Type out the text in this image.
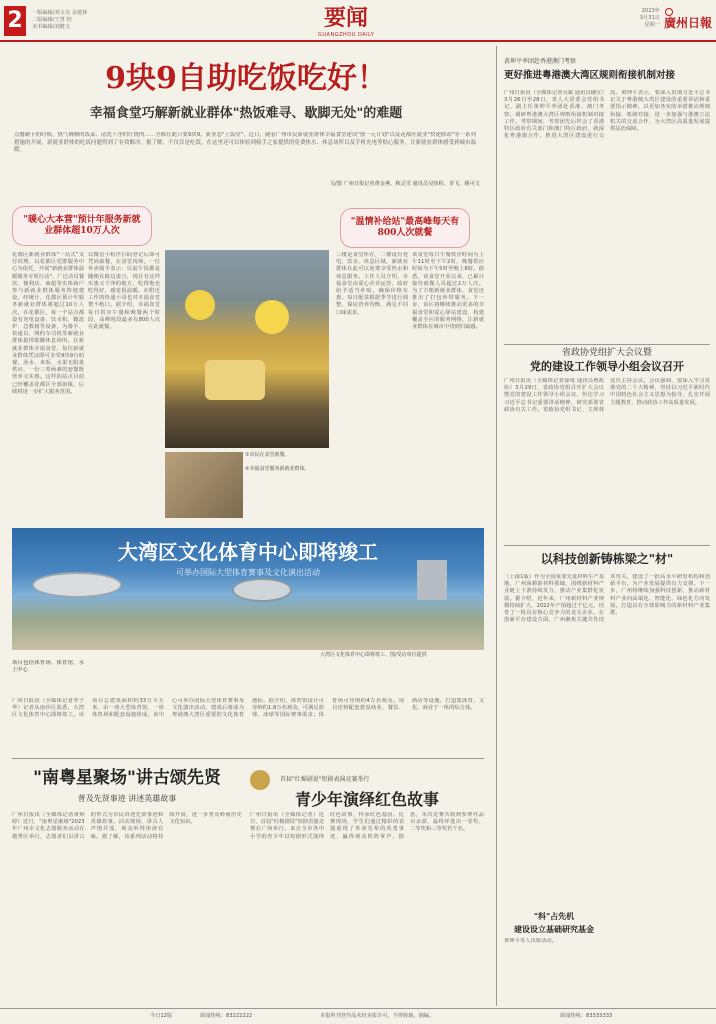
2	一版编辑/刘文亮 余建林
二版编辑/王慧 校
美术编辑/刘健文	要闻
GUANGZHOU DAILY
2023年
3月31日
星期一 廣州日報
9块9自助吃饭吃好！
幸福食堂巧解新就业群体"热饭难寻、歇脚无处"的难题
点餐刷卡的时候，热气腾腾的饭菜、清洗干净的红烧肉……全都在此只要9块9。新业态"上饭堂"，近日，随着广州市民新就业群体幸福食堂建设"按一元计划"以及花都区就业"快递驿站"等一系列措施的开展，新就业群体的吃饭问题得到了有效解决。据了解，不仅仅是吃饭，在这里还可以体验到骑手之家提供的免费热水、休息场所以及手机充电等贴心服务，让新就业群体感受到城市温暖。
文/图 广州日报记者黄金燕、秋灵雪 通讯员吴炜程、李飞、姚可文
"暖心大本营"预计年服务新就业群体超10万人次
"温情补给站"最高峰每天有800人次就餐
①市民在食堂就餐。
②幸福食堂服务新就业群体。
花都区新就业群体"一站式"支付同理，以花都区党群服务中心为依托，开展"新就业群体温暖服务专项行动"，广泛动员餐饮、便利店、商超等实体商户参与新就业群体服务阵地建设。经统计，花都区预计年服务新就业群体将超过10万人次。在花都区，每一个站点都设有充电设备、饮水机、微波炉、急救箱等设备，为骑手、快递员、网约车司机等新就业群体提供歇脚休息场所。在新就业群体幸福食堂，每位新就业群体凭证即可享受9块9自助餐，汤水、米饭、水果无限量供应，一份三荤两素的套餐既营养又实惠。这样的站点目前已经覆盖花都区全部街镇，后续将进一步扩大服务范围。
以微信小程序扫码登记后即可凭码取餐，在食堂现场，一位外卖骑手表示：以前午饭都是随便在路边凑合，现在有这样实惠又干净的地方，吃得饱也吃得好，感觉很温暖。在附近工作的快递小哥也对幸福食堂赞不绝口。据介绍，幸福食堂每日供应午餐和晚餐两个时段，高峰时段最多有800人次在此就餐。
三楼是食堂所在，二楼设有充电、饮水、休息区域，新就业群体在此可以免费享受热水和休息服务。工作人员介绍，幸福食堂由爱心企业运营，政府给予适当补贴，确保价格实惠。每日配菜根据季节进行调整，保证营养均衡，满足不同口味需求。
该食堂每日午餐供应时间为上午11时至下午2时，晚餐供应时间为下午5时至晚上8时。据悉，该食堂开业以来，已累计接待就餐人员超过2万人次。为了方便新就业群体，食堂还推出了打包外带服务。下一步，该区将继续推动更多的幸福食堂和爱心驿站建设，构建覆盖全区的服务网络，让新就业群体在城市中找到归属感。
大湾区文化体育中心即将竣工
可举办国际大型体育赛事及文化演出活动
大湾区文化体育中心即将竣工。图/受访单位提供
项目包括体育场、体育馆、水上中心
广州日报讯（全媒体记者李子华）记者从南沙区获悉，大湾区文化体育中心即将竣工。该项目总建筑面积约33万平方米，由一座大型体育馆、一座体育场和配套设施组成。该中心可举办国际大型体育赛事及文化演出活动，建成后将成为粤港澳大湾区重要的文化体育地标。据介绍，体育馆设计可容纳约1.8万名观众，可满足篮球、冰球等国际赛事需求；体育场可容纳约4万名观众。项目还将配套建设商业、餐饮、酒店等设施，打造集体育、文化、商业于一体的综合体。
"南粤星聚场"讲古颂先贤
普及先贤事迹 讲述英雄故事
首届"红棉剧说"短剧表演竞赛举行
青少年演绎红色故事
广州日报讯（全媒体记者黄婷婷）近日，"南粤星聚场"2023年广州市文化志愿服务活动在越秀区举行，志愿者们以讲古的形式为市民讲述先贤事迹和英雄故事。活动现场，讲古人声情并茂，观众听得津津有味。据了解，该系列活动将持续开展，进一步普及岭南历史文化知识。
广州日报讯（全媒体记者）近日，首届"红棉剧说"短剧表演竞赛在广州举行。来自全市各中小学的青少年以短剧形式演绎红色故事，传承红色基因。比赛现场，学生们通过精彩的表演重现了革命先辈的英勇事迹，赢得观众阵阵掌声。据悉，本次竞赛共收到参赛作品百余部，最终评选出一等奖、二等奖和三等奖若干名。
黄坤平率团赴香港澳门考察
更好推进粤港澳大湾区规则衔接机制对接
广州日报讯（全媒体记者吴斌 通讯员穗宣）3月26日至28日，省人大常委会党组书记、副主任黄坤平率团赴香港、澳门考察，调研粤港澳大湾区规则衔接机制对接工作。考察期间，考察团先后拜会了香港特区政府有关部门和澳门特区政府，就深化粤港澳合作、推进大湾区建设进行交流。黄坤平表示，要深入贯彻习近平总书记关于粤港澳大湾区建设的重要讲话和重要指示精神，以更加务实的举措推动规则衔接、机制对接，进一步加强与港澳立法机关的交流合作，为大湾区高质量发展提供法治保障。
省政协党组扩大会议暨
党的建设工作领导小组会议召开
广州日报讯（全媒体记者徐靖 通讯员粤政协）3月29日，省政协党组召开扩大会议暨党的建设工作领导小组会议，传达学习习近平总书记重要讲话精神，研究部署省政协有关工作。省政协党组书记、主席林克庆主持会议。会议强调，要深入学习贯彻党的二十大精神，坚持以习近平新时代中国特色社会主义思想为指导，扎实开展主题教育，推动政协工作高质量发展。
以科技创新铸栋梁之"材"
（上接1版）作为全国重要先进材料生产基地，广州深耕新材料领域，围绕新材料产业链上下游持续发力，推动产业集群化发展。据介绍，近年来，广州新材料产业规模持续扩大，2022年产值超过千亿元，培育了一批具有核心竞争力的龙头企业。在创新平台建设方面，广州聚焦关键共性技术攻关，建设了一批高水平研发机构和创新平台，为产业发展提供有力支撑。下一步，广州将继续加强科技创新，推动新材料产业向高端化、智能化、绿色化方向发展，打造具有全球影响力的新材料产业集群。
"科"占先机
建设设立基础研究基金
黄坤平等人出席活动。
今日12版	新闻热线：83222222	本报所刊登作品未经本报许可，不得转载、摘编。	新闻热线：83333333
